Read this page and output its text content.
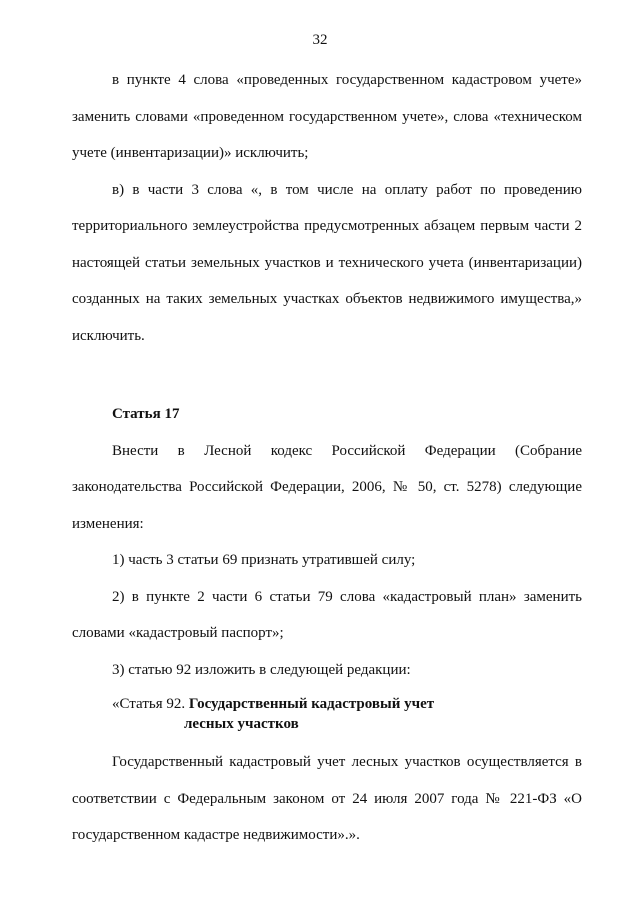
32

в пункте 4 слова «проведенных государственном кадастровом учете» заменить словами «проведенном государственном учете», слова «техническом учете (инвентаризации)» исключить;

в) в части 3 слова «, в том числе на оплату работ по проведению территориального землеустройства предусмотренных абзацем первым части 2 настоящей статьи земельных участков и технического учета (инвентаризации) созданных на таких земельных участках объектов недвижимого имущества,» исключить.

Статья 17

Внести в Лесной кодекс Российской Федерации (Собрание законодательства Российской Федерации, 2006, № 50, ст. 5278) следующие изменения:

1) часть 3 статьи 69 признать утратившей силу;

2) в пункте 2 части 6 статьи 79 слова «кадастровый план» заменить словами «кадастровый паспорт»;

3) статью 92 изложить в следующей редакции:

«Статья 92. Государственный кадастровый учет
лесных участков

Государственный кадастровый учет лесных участков осуществляется в соответствии с Федеральным законом от 24 июля 2007 года № 221-ФЗ «О государственном кадастре недвижимости».».
